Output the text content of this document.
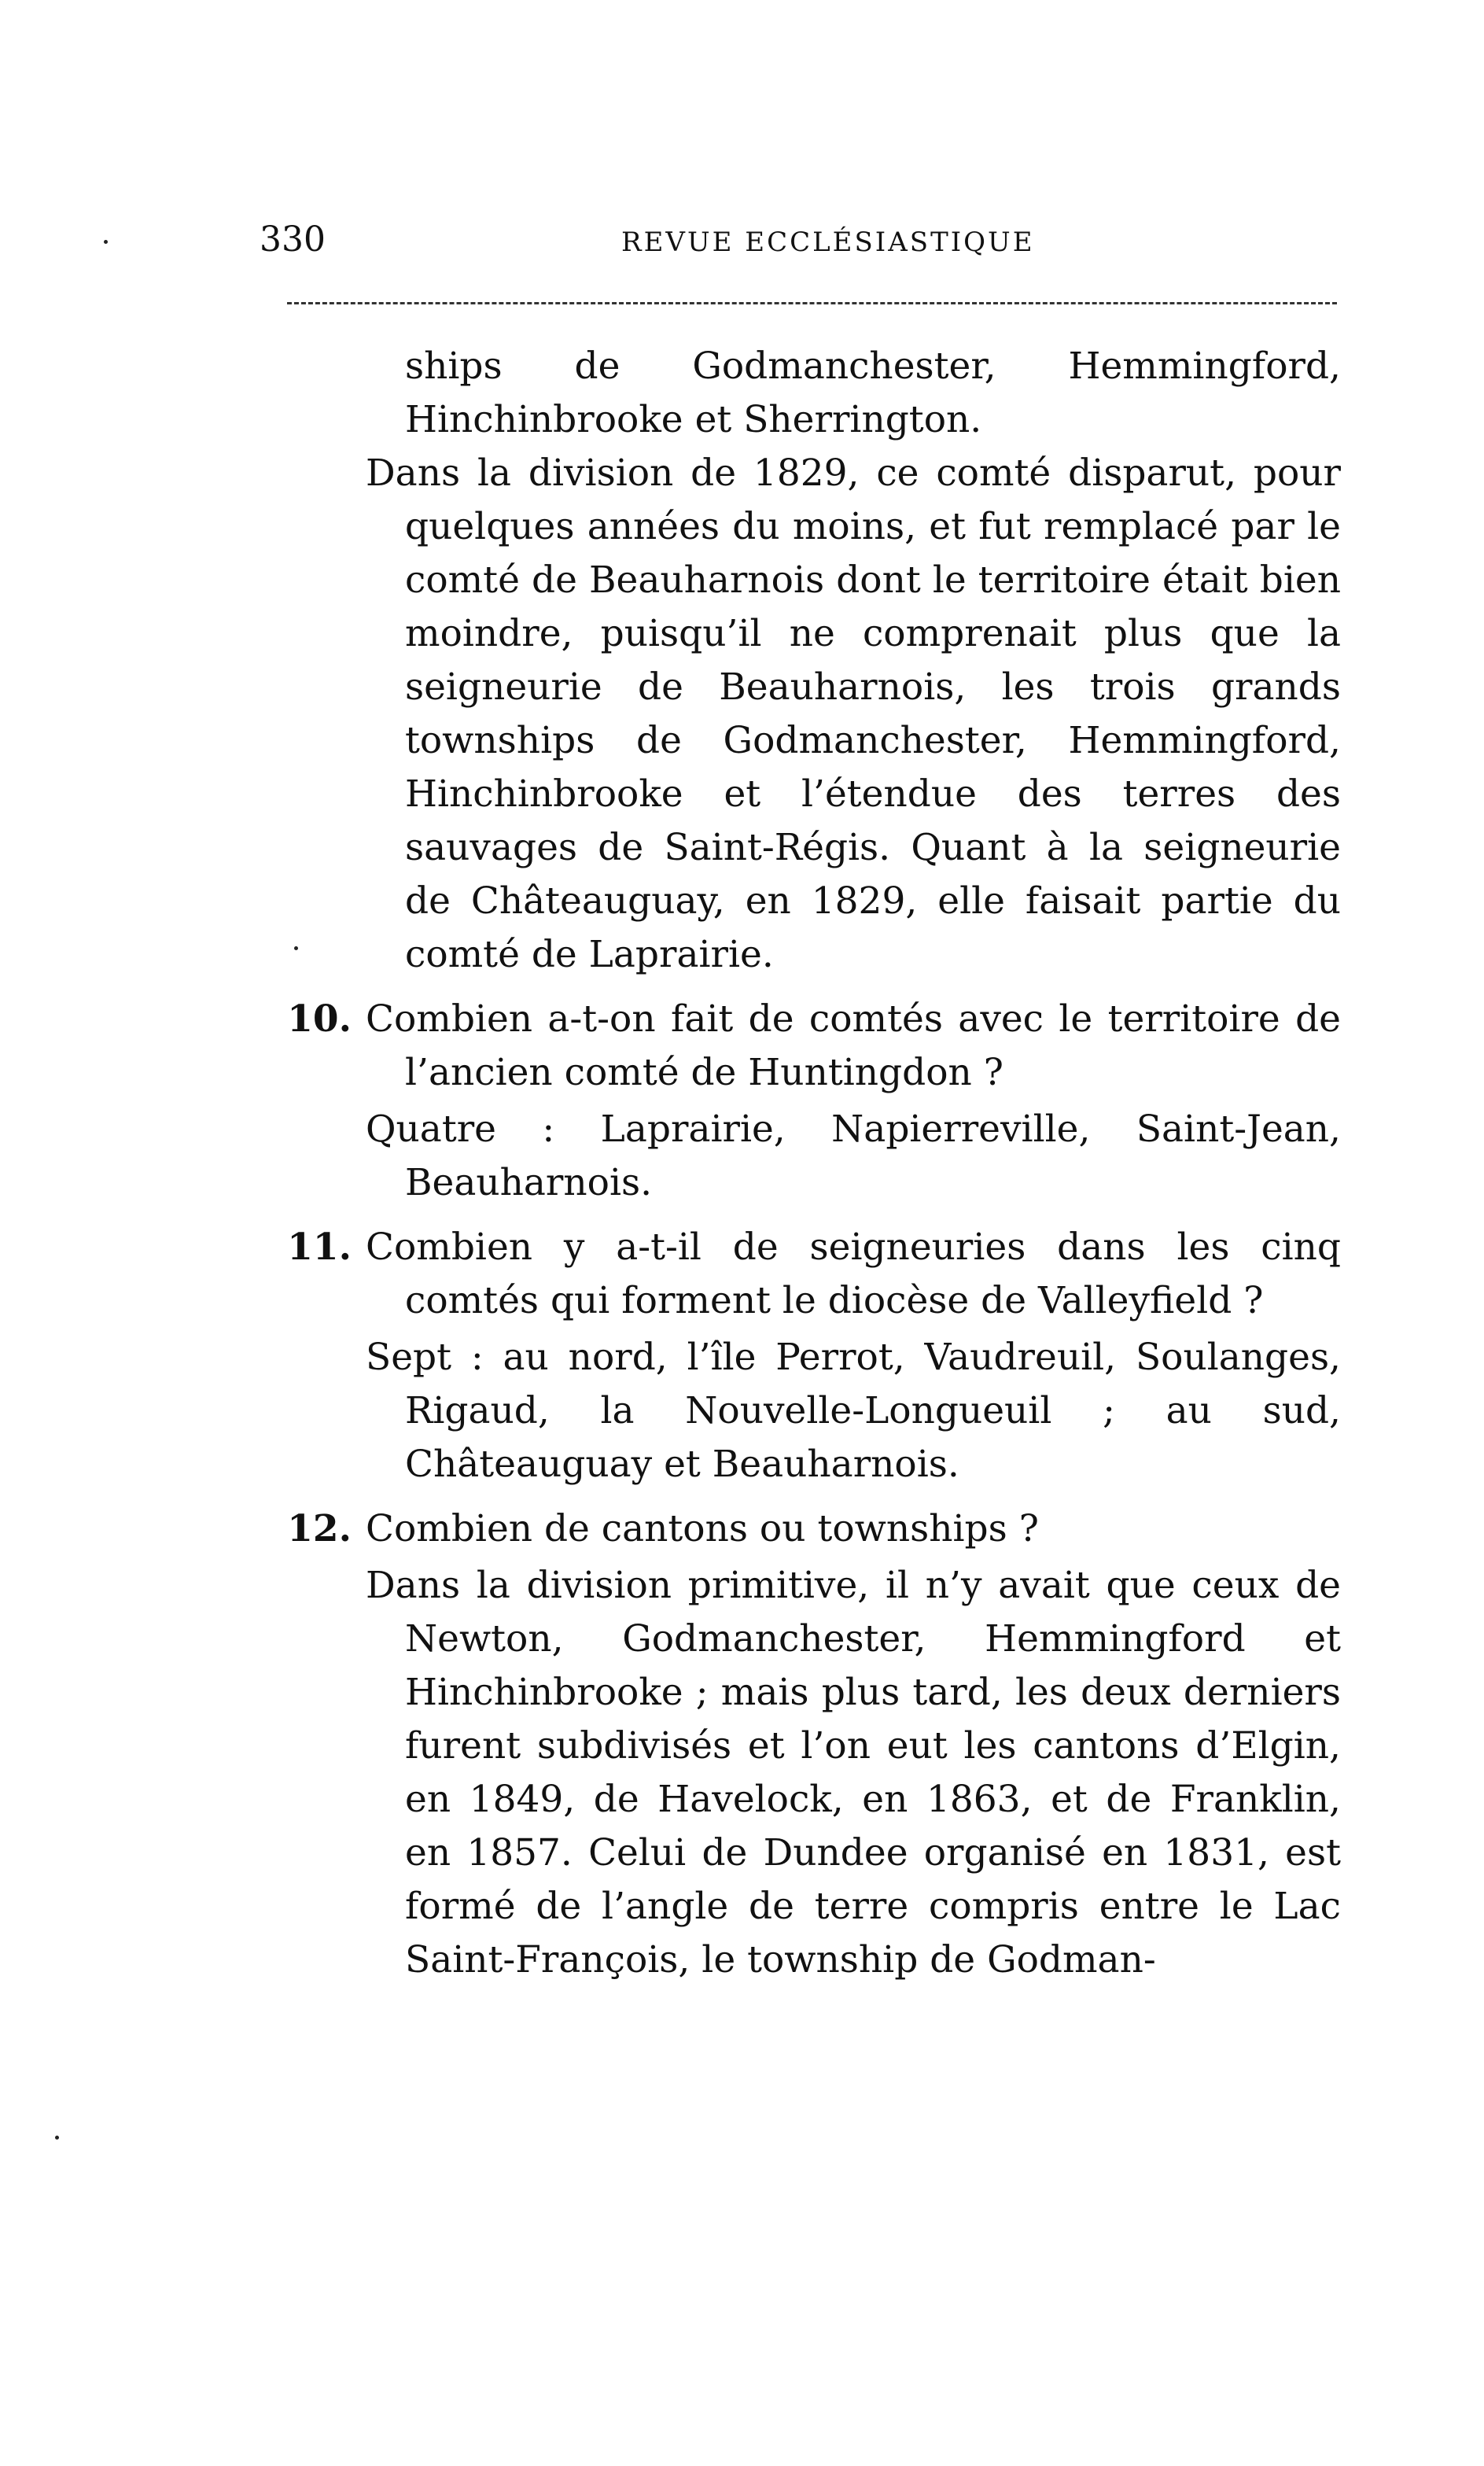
330	REVUE ECCLÉSIASTIQUE

ships de Godmanchester, Hemmingford, Hinchinbrooke et Sherrington.

Dans la division de 1829, ce comté disparut, pour quelques années du moins, et fut remplacé par le comté de Beauharnois dont le territoire était bien moindre, puisqu’il ne comprenait plus que la seigneurie de Beauharnois, les trois grands townships de Godmanchester, Hemmingford, Hinchinbrooke et l’étendue des terres des sauvages de Saint-Régis. Quant à la seigneurie de Châteauguay, en 1829, elle faisait partie du comté de Laprairie.

10. Combien a-t-on fait de comtés avec le territoire de l’ancien comté de Huntingdon ?

Quatre : Laprairie, Napierreville, Saint-Jean, Beauharnois.

11. Combien y a-t-il de seigneuries dans les cinq comtés qui forment le diocèse de Valleyfield ?

Sept : au nord, l’île Perrot, Vaudreuil, Soulanges, Rigaud, la Nouvelle-Longueuil ; au sud, Châteauguay et Beauharnois.

12. Combien de cantons ou townships ?

Dans la division primitive, il n’y avait que ceux de Newton, Godmanchester, Hemmingford et Hinchinbrooke ; mais plus tard, les deux derniers furent subdivisés et l’on eut les cantons d’Elgin, en 1849, de Havelock, en 1863, et de Franklin, en 1857. Celui de Dundee organisé en 1831, est formé de l’angle de terre compris entre le Lac Saint-François, le township de Godman-
